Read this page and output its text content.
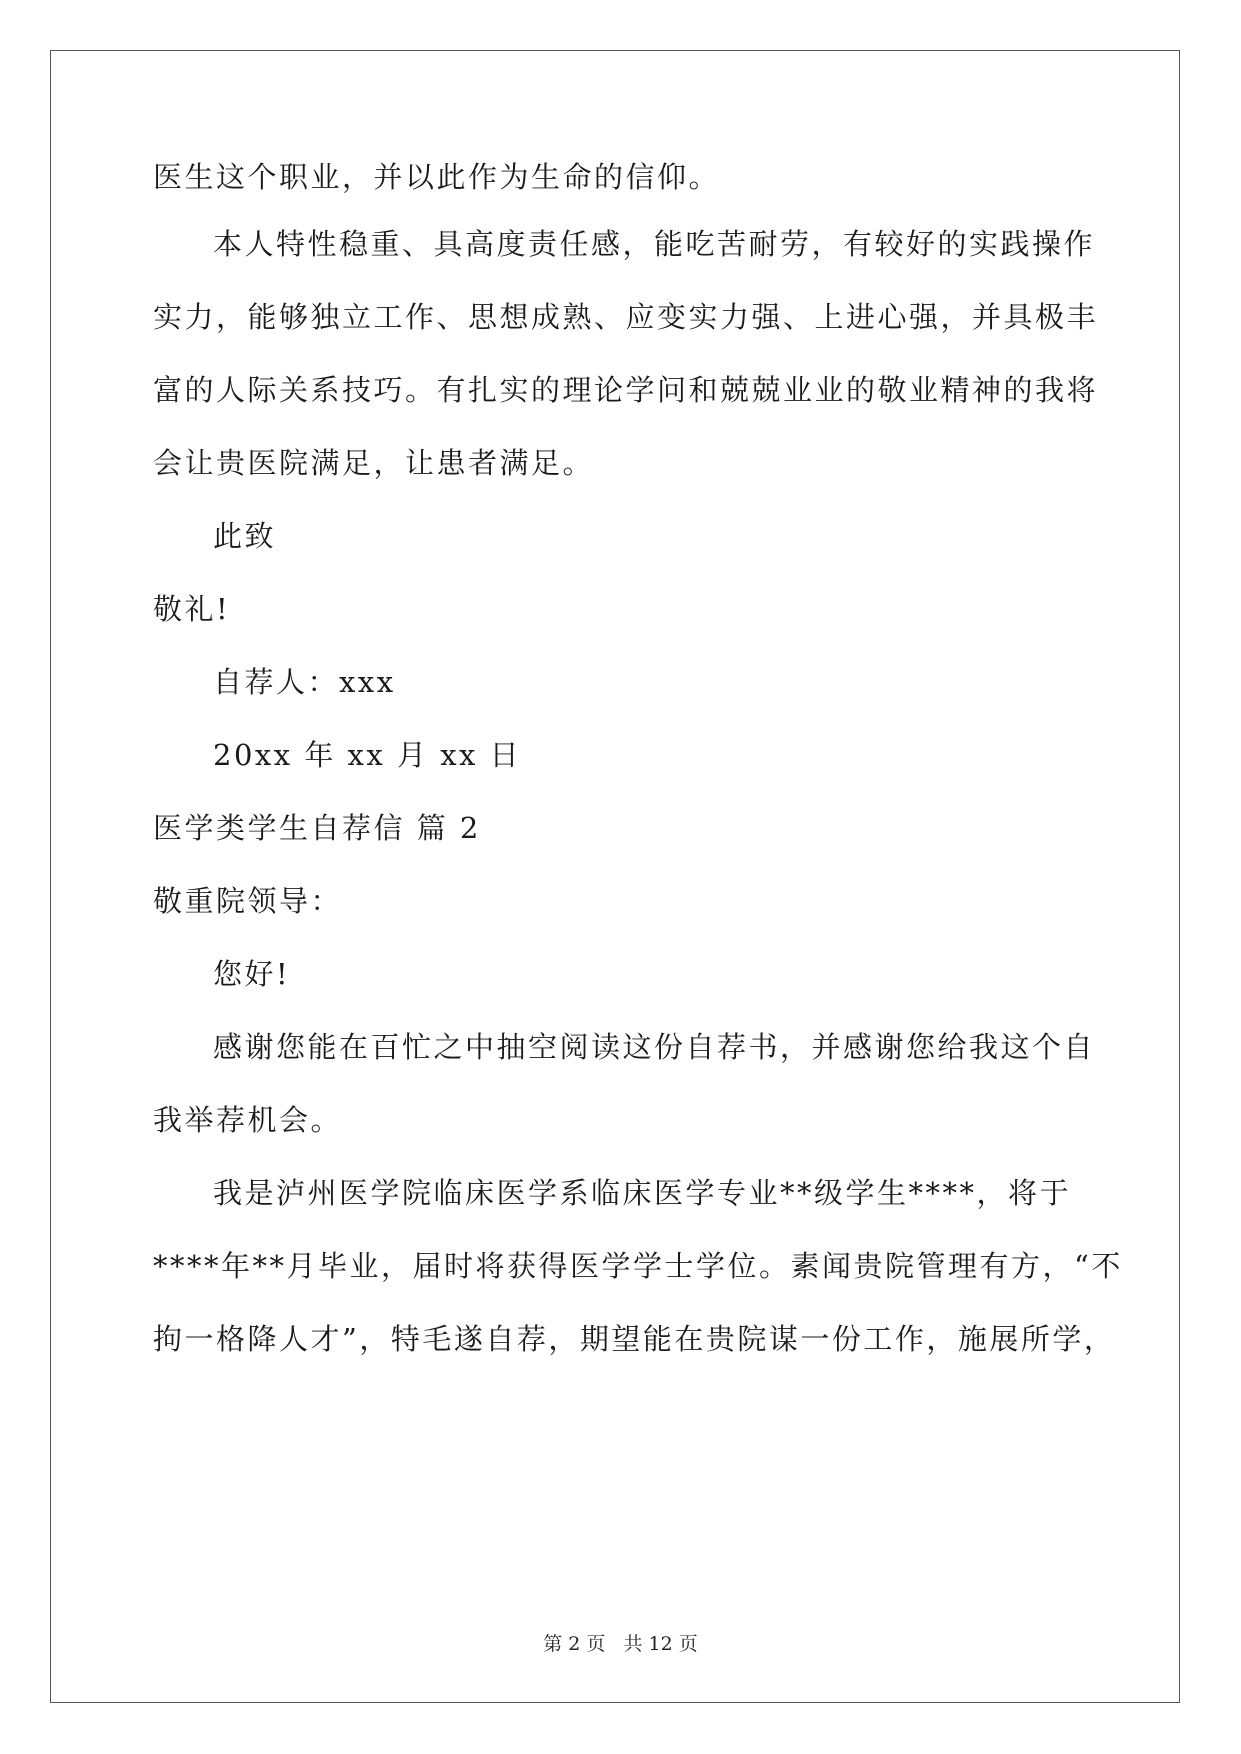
医生这个职业，并以此作为生命的信仰。
本人特性稳重、具高度责任感，能吃苦耐劳，有较好的实践操作
实力，能够独立工作、思想成熟、应变实力强、上进心强，并具极丰
富的人际关系技巧。有扎实的理论学问和兢兢业业的敬业精神的我将
会让贵医院满足，让患者满足。
此致
敬礼!
自荐人：xxx
20xx 年 xx 月 xx 日
医学类学生自荐信 篇 2
敬重院领导：
您好!
感谢您能在百忙之中抽空阅读这份自荐书，并感谢您给我这个自
我举荐机会。
我是泸州医学院临床医学系临床医学专业**级学生****，将于
****年**月毕业，届时将获得医学学士学位。素闻贵院管理有方，“不
拘一格降人才”，特毛遂自荐，期望能在贵院谋一份工作，施展所学，
第 2 页 共 12 页
